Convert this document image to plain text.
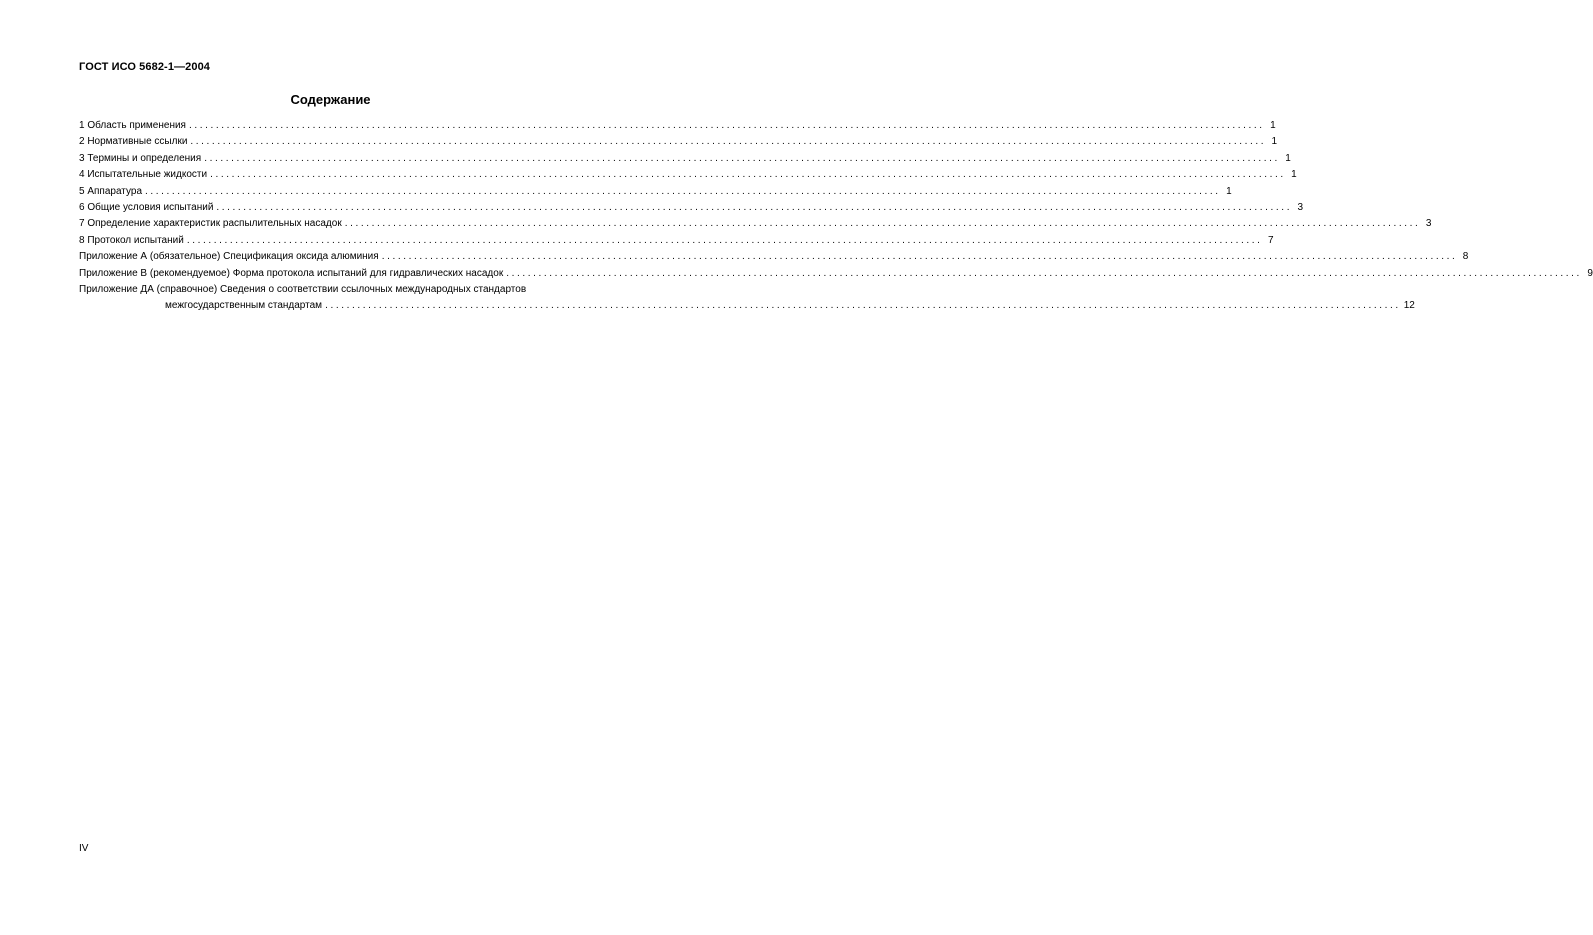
ГОСТ ИСО 5682-1—2004
Содержание
1 Область применения ........................................................................................................................................................................................................ 1
2 Нормативные ссылки ........................................................................................................................................................................................................ 1
3 Термины и определения ........................................................................................................................................................................................................ 1
4 Испытательные жидкости ........................................................................................................................................................................................................ 1
5 Аппаратура ........................................................................................................................................................................................................ 1
6 Общие условия испытаний ........................................................................................................................................................................................................ 3
7 Определение характеристик распылительных насадок ........................................................................................................................................................................................................ 3
8 Протокол испытаний ........................................................................................................................................................................................................ 7
Приложение А (обязательное) Спецификация оксида алюминия ........................................................................................................................................................................................................ 8
Приложение В (рекомендуемое) Форма протокола испытаний для гидравлических насадок ........................................................................................................................................................................................................ 9
Приложение ДА (справочное) Сведения о соответствии ссылочных международных стандартов
межгосударственным стандартам ........................................................................................................................................................................................................ 12
IV
